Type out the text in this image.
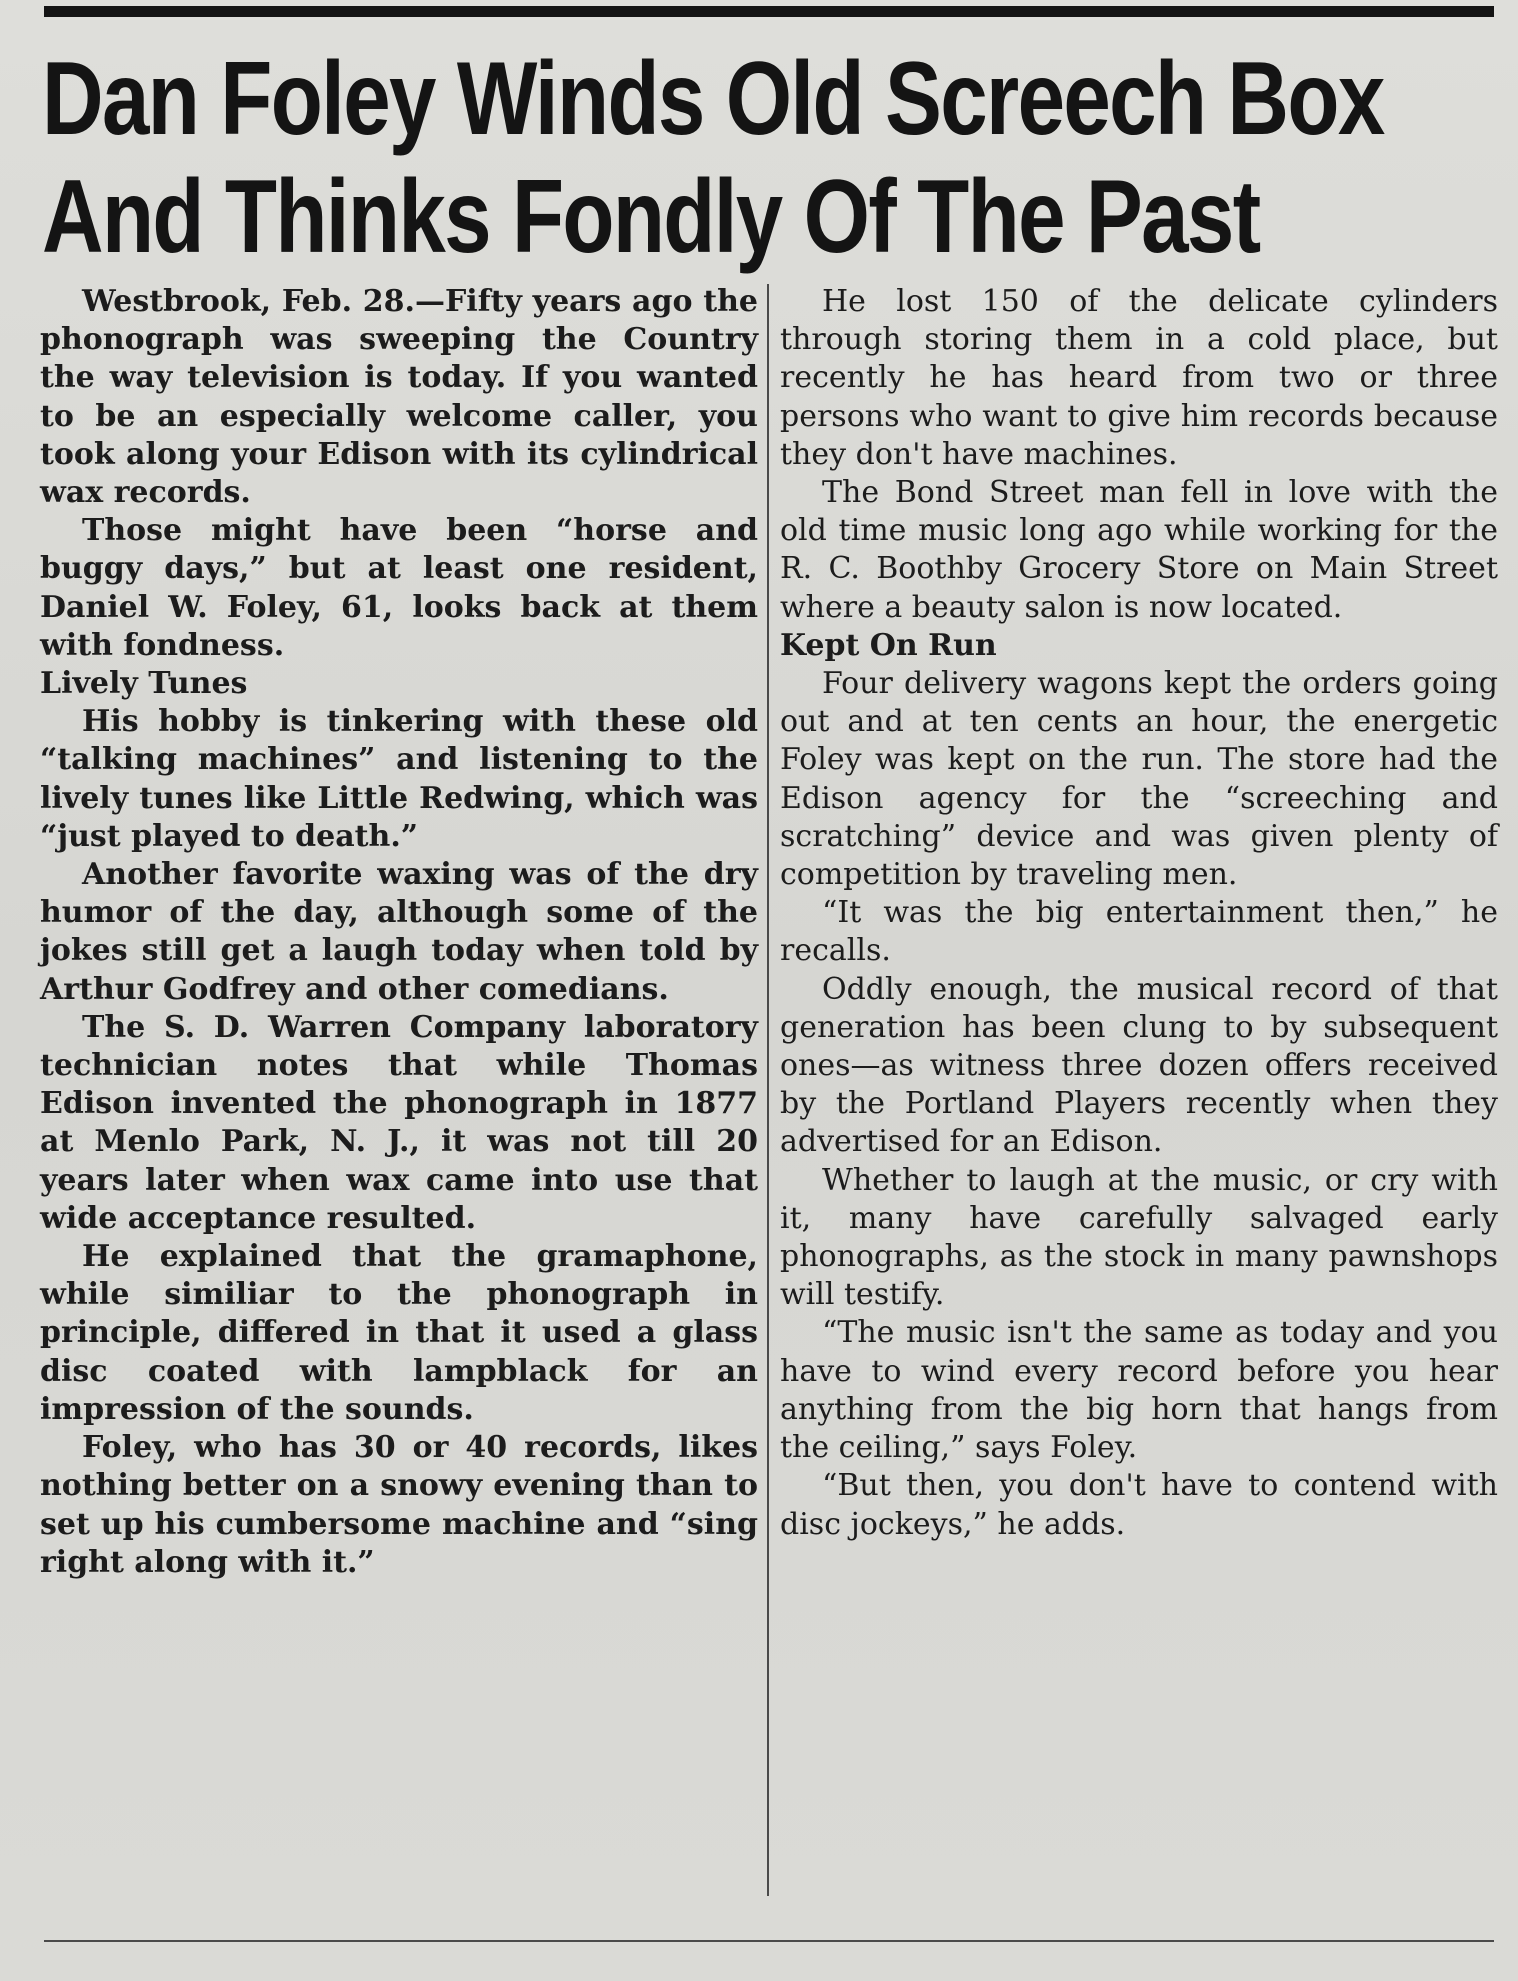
Dan Foley Winds Old Screech Box
And Thinks Fondly Of The Past

Westbrook, Feb. 28.—Fifty years ago the phonograph was sweeping the Country the way television is today. If you wanted to be an especially welcome caller, you took along your Edison with its cylindrical wax records.

Those might have been “horse and buggy days,” but at least one resident, Daniel W. Foley, 61, looks back at them with fondness.

Lively Tunes

His hobby is tinkering with these old “talking machines” and listening to the lively tunes like Little Redwing, which was “just played to death.”

Another favorite waxing was of the dry humor of the day, although some of the jokes still get a laugh today when told by Arthur Godfrey and other comedians.

The S. D. Warren Company laboratory technician notes that while Thomas Edison invented the phonograph in 1877 at Menlo Park, N. J., it was not till 20 years later when wax came into use that wide acceptance resulted.

He explained that the gramaphone, while similiar to the phonograph in principle, differed in that it used a glass disc coated with lampblack for an impression of the sounds.

Foley, who has 30 or 40 records, likes nothing better on a snowy evening than to set up his cumbersome machine and “sing right along with it.”

He lost 150 of the delicate cylinders through storing them in a cold place, but recently he has heard from two or three persons who want to give him records because they don't have machines.

The Bond Street man fell in love with the old time music long ago while working for the R. C. Boothby Grocery Store on Main Street where a beauty salon is now located.

Kept On Run

Four delivery wagons kept the orders going out and at ten cents an hour, the energetic Foley was kept on the run. The store had the Edison agency for the “screeching and scratching” device and was given plenty of competition by traveling men.

“It was the big entertainment then,” he recalls.

Oddly enough, the musical record of that generation has been clung to by subsequent ones—as witness three dozen offers received by the Portland Players recently when they advertised for an Edison.

Whether to laugh at the music, or cry with it, many have carefully salvaged early phonographs, as the stock in many pawnshops will testify.

“The music isn't the same as today and you have to wind every record before you hear anything from the big horn that hangs from the ceiling,” says Foley.

“But then, you don't have to contend with disc jockeys,” he adds.
